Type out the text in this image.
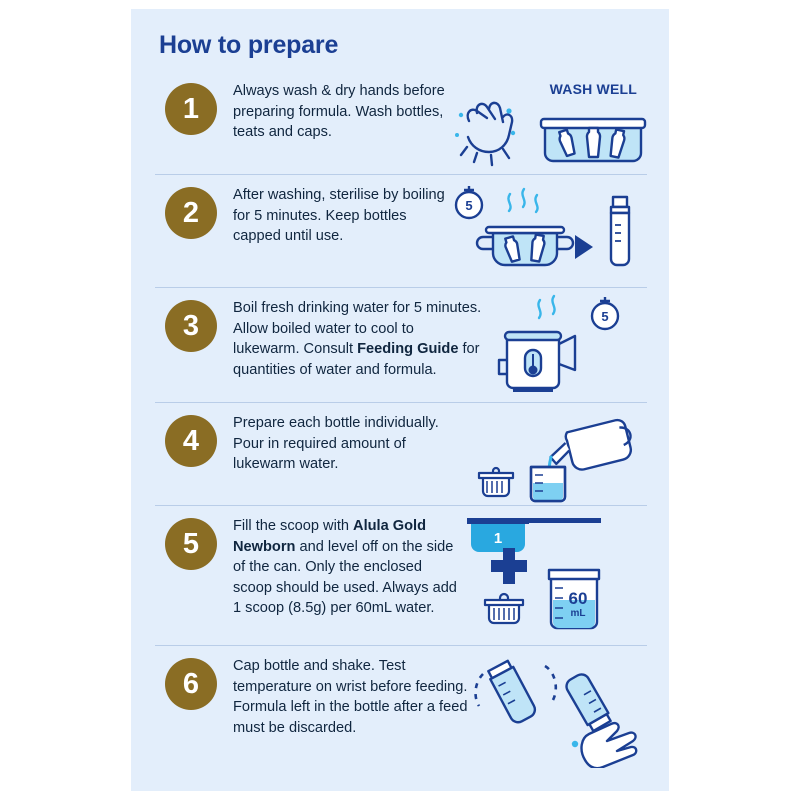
How to prepare
1
Always wash & dry hands before preparing formula. Wash bottles, teats and caps.
WASH WELL
2
After washing, sterilise by boiling for 5 minutes. Keep bottles capped until use.
5
3
Boil fresh drinking water for 5 minutes. Allow boiled water to cool to lukewarm. Consult Feeding Guide for quantities of water and formula.
5
4
Prepare each bottle individually. Pour in required amount of lukewarm water.
5
Fill the scoop with Alula Gold Newborn and level off on the side of the can. Only the enclosed scoop should be used. Always add 1 scoop (8.5g) per 60mL water.
1
60
mL
6
Cap bottle and shake. Test temperature on wrist before feeding. Formula left in the bottle after a feed must be discarded.
